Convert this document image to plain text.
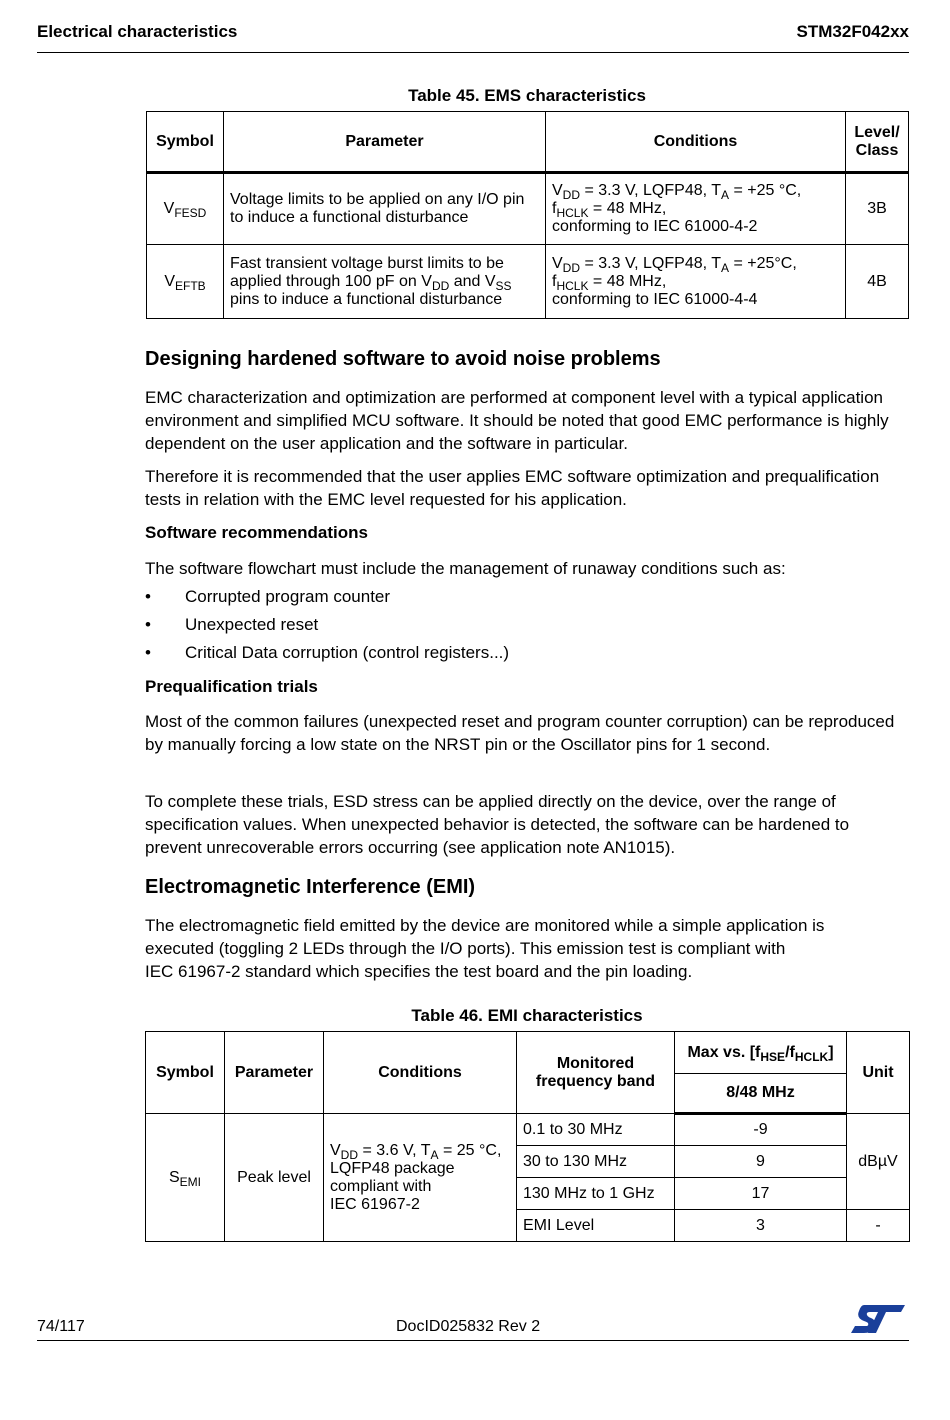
Electrical characteristics	STM32F042xx
Table 45. EMS characteristics
Symbol	Parameter	Conditions	Level/
Class
$V_{FESD}$	Voltage limits to be applied on any I/O pin to induce a functional disturbance	$V_{DD} = 3.3$ V, LQFP48, $T_A = +25$ °C,
$f_{HCLK} = 48$ MHz,
conforming to IEC 61000-4-2	3B
$V_{EFTB}$	Fast transient voltage burst limits to be
applied through 100 pF on $V_{DD}$ and $V_{SS}$
pins to induce a functional disturbance	$V_{DD} = 3.3$ V, LQFP48, $T_A = +25^\circ C$,
$f_{HCLK} = 48$ MHz,
conforming to IEC 61000-4-4	4B
Designing hardened software to avoid noise problems
EMC characterization and optimization are performed at component level with a typical application environment and simplified MCU software. It should be noted that good EMC performance is highly dependent on the user application and the software in particular.
Therefore it is recommended that the user applies EMC software optimization and prequalification tests in relation with the EMC level requested for his application.
Software recommendations
The software flowchart must include the management of runaway conditions such as:
• Corrupted program counter
• Unexpected reset
• Critical Data corruption (control registers...)
Prequalification trials
Most of the common failures (unexpected reset and program counter corruption) can be reproduced by manually forcing a low state on the NRST pin or the Oscillator pins for 1 second.
To complete these trials, ESD stress can be applied directly on the device, over the range of specification values. When unexpected behavior is detected, the software can be hardened to prevent unrecoverable errors occurring (see application note AN1015).
Electromagnetic Interference (EMI)
The electromagnetic field emitted by the device are monitored while a simple application is
executed (toggling 2 LEDs through the I/O ports). This emission test is compliant with
IEC 61967-2 standard which specifies the test board and the pin loading.
Table 46. EMI characteristics
Symbol	Parameter	Conditions	Monitored
frequency band	Max vs. $[f_{HSE}/f_{HCLK}]$	Unit
				8/48 MHz	
$S_{EMI}$	Peak level	$V_{DD} = 3.6$ V, $T_A = 25$ °C,
LQFP48 package
compliant with
IEC 61967-2	0.1 to 30 MHz	-9	dBµV
			30 to 130 MHz	9	
			130 MHz to 1 GHz	17	
			EMI Level	3	-
74/117	DocID025832 Rev 2
